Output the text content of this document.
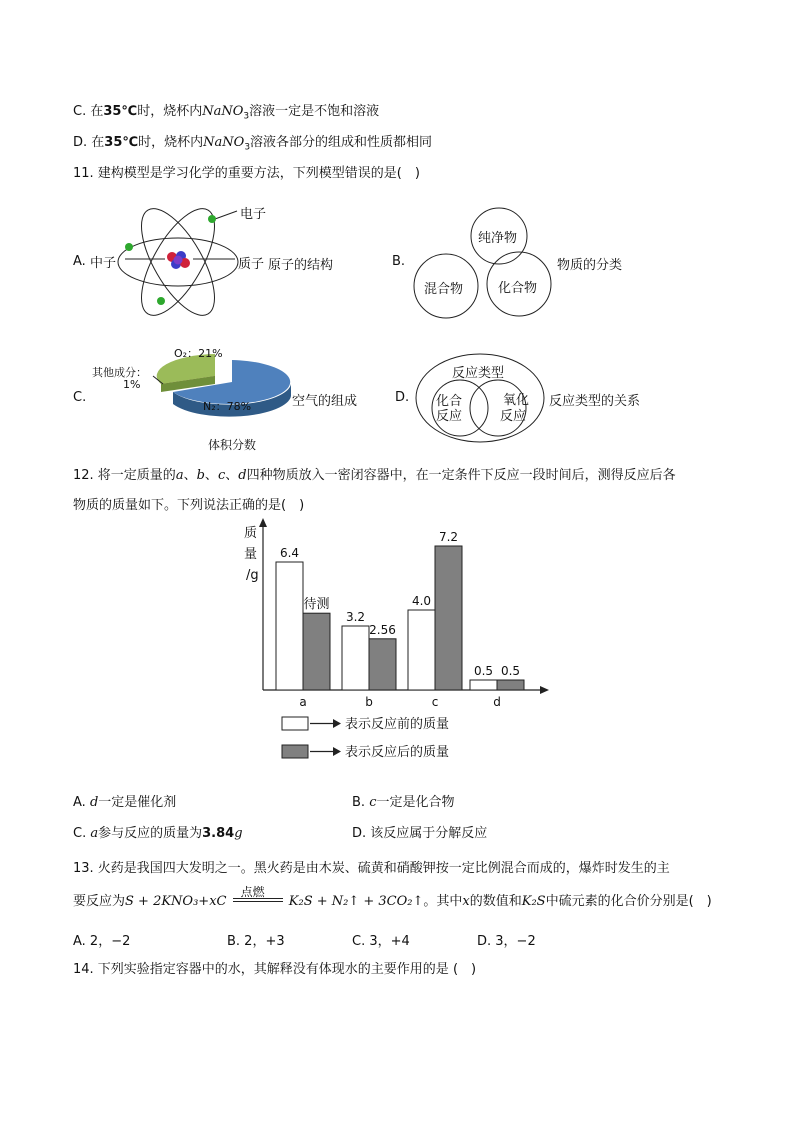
C. 在35℃时，烧杯内NaNO$_3$溶液一定是不饱和溶液
D. 在35℃时，烧杯内NaNO$_3$溶液各部分的组成和性质都相同
11. 建构模型是学习化学的重要方法，下列模型错误的是(　)
A. 中子
电子
质子 原子的结构	B.
纯净物
混合物	化合物
物质的分类
C.
O₂：21%
其他成分：
1%
N₂：78%
体积分数
空气的组成	D.
反应类型
化合
反应
氧化
反应
反应类型的关系
12. 将一定质量的a、b、c、d四种物质放入一密闭容器中，在一定条件下反应一段时间后，测得反应后各
物质的质量如下。下列说法正确的是(　)
质
量
/g
6.4
待测
a
3.2
2.56
b
4.0
7.2
c
0.5 0.5
d
表示反应前的质量
表示反应后的质量
A. d一定是催化剂	B. c一定是化合物
C. a参与反应的质量为3.84g	D. 该反应属于分解反应
13. 火药是我国四大发明之一。黑火药是由木炭、硫黄和硝酸钾按一定比例混合而成的，爆炸时发生的主
要反应为S + 2KNO₃+xC
点燃
K₂S + N₂↑ + 3CO₂↑。其中x的数值和K₂S中硫元素的化合价分别是(　)
A. 2，−2	B. 2，+3	C. 3，+4	D. 3，−2
14. 下列实验指定容器中的水，其解释没有体现水的主要作用的是 (　)
